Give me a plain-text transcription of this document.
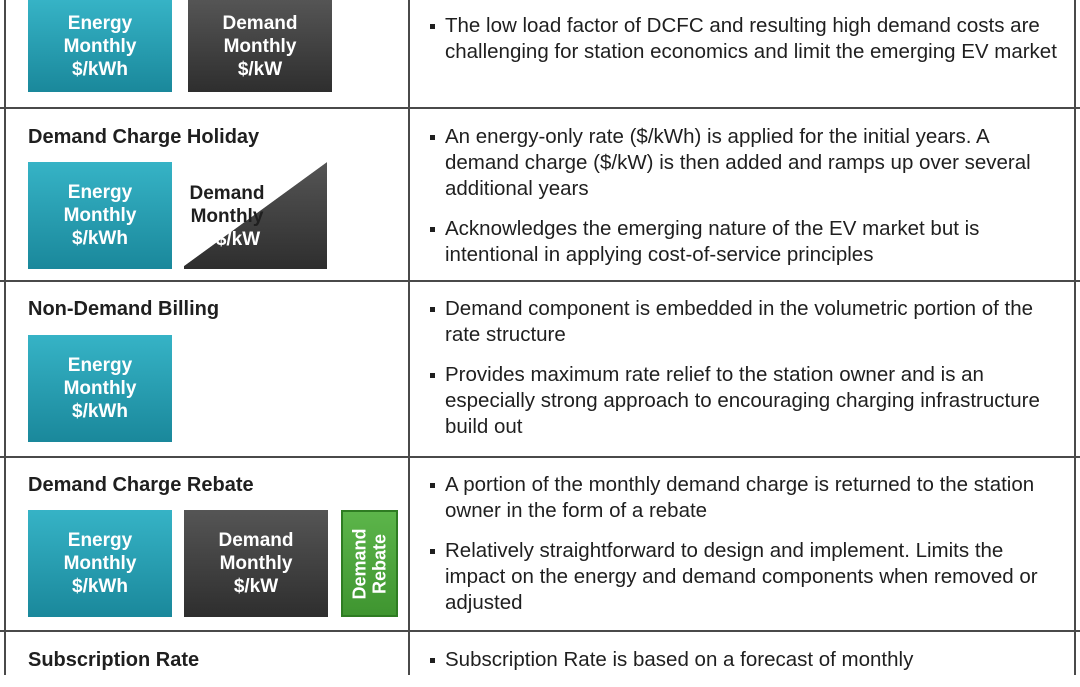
Energy
Monthly
$/kWh
Demand
Monthly
$/kW
The low load factor of DCFC and resulting high demand costs are challenging for station economics and limit the emerging EV market
Demand Charge Holiday
Energy
Monthly
$/kWh
Demand
Monthly
$/kW
An energy-only rate ($/kWh) is applied for the initial years. A demand charge ($/kW) is then added and ramps up over several additional years
Acknowledges the emerging nature of the EV market but is intentional in applying cost-of-service principles
Non-Demand Billing
Energy
Monthly
$/kWh
Demand component is embedded in the volumetric portion of the rate structure
Provides maximum rate relief to the station owner and is an especially strong approach to encouraging charging infrastructure build out
Demand Charge Rebate
Energy
Monthly
$/kWh
Demand
Monthly
$/kW	Demand Rebate
A portion of the monthly demand charge is returned to the station owner in the form of a rebate
Relatively straightforward to design and implement. Limits the impact on the energy and demand components when removed or adjusted
Subscription Rate	Subscription Rate is based on a forecast of monthly
